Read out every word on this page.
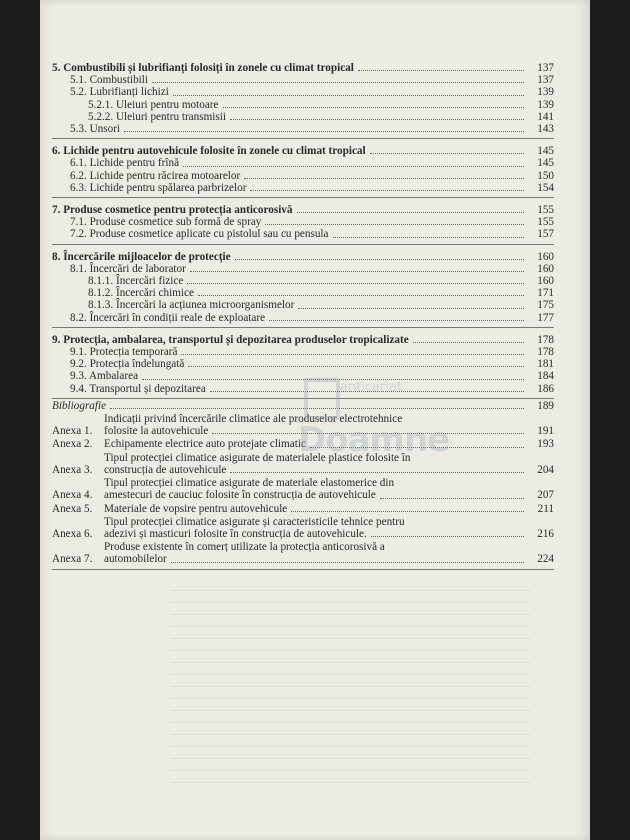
5. Combustibili și lubrifianți folosiți în zonele cu climat tropical	137
5.1. Combustibili	137
5.2. Lubrifianți lichizi	139
5.2.1. Uleiuri pentru motoare	139
5.2.2. Uleiuri pentru transmisii	141
5.3. Unsori	143
6. Lichide pentru autovehicule folosite în zonele cu climat tropical	145
6.1. Lichide pentru frînă	145
6.2. Lichide pentru răcirea motoarelor	150
6.3. Lichide pentru spălarea parbrizelor	154
7. Produse cosmetice pentru protecția anticorosivă	155
7.1. Produse cosmetice sub formă de spray	155
7.2. Produse cosmetice aplicate cu pistolul sau cu pensula	157
8. Încercările mijloacelor de protecție	160
8.1. Încercări de laborator	160
8.1.1. Încercări fizice	160
8.1.2. Încercări chimice	171
8.1.3. Încercări la acțiunea microorganismelor	175
8.2. Încercări în condiții reale de exploatare	177
9. Protecția, ambalarea, transportul și depozitarea produselor tropicalizate	178
9.1. Protecția temporară	178
9.2. Protecția îndelungată	181
9.3. Ambalarea	184
9.4. Transportul și depozitarea	186
Bibliografie	189
Anexa 1.
Indicații privind încercările climatice ale produselor electrotehnice
folosite la autovehicule	191
Anexa 2.	Echipamente electrice auto protejate climatic	193
Anexa 3.
Tipul protecției climatice asigurate de materialele plastice folosite în
construcția de autovehicule	204
Anexa 4.
Tipul protecției climatice asigurate de materiale elastomerice din
amestecuri de cauciuc folosite în construcția de autovehicule	207
Anexa 5.	Materiale de vopsire pentru autovehicule	211
Anexa 6.
Tipul protecției climatice asigurate și caracteristicile tehnice pentru
adezivi și masticuri folosite în construcția de autovehicule.	216
Anexa 7.
Produse existente în comerț utilizate la protecția anticorosivă a
automobilelor	224
anticariat
Doamne
